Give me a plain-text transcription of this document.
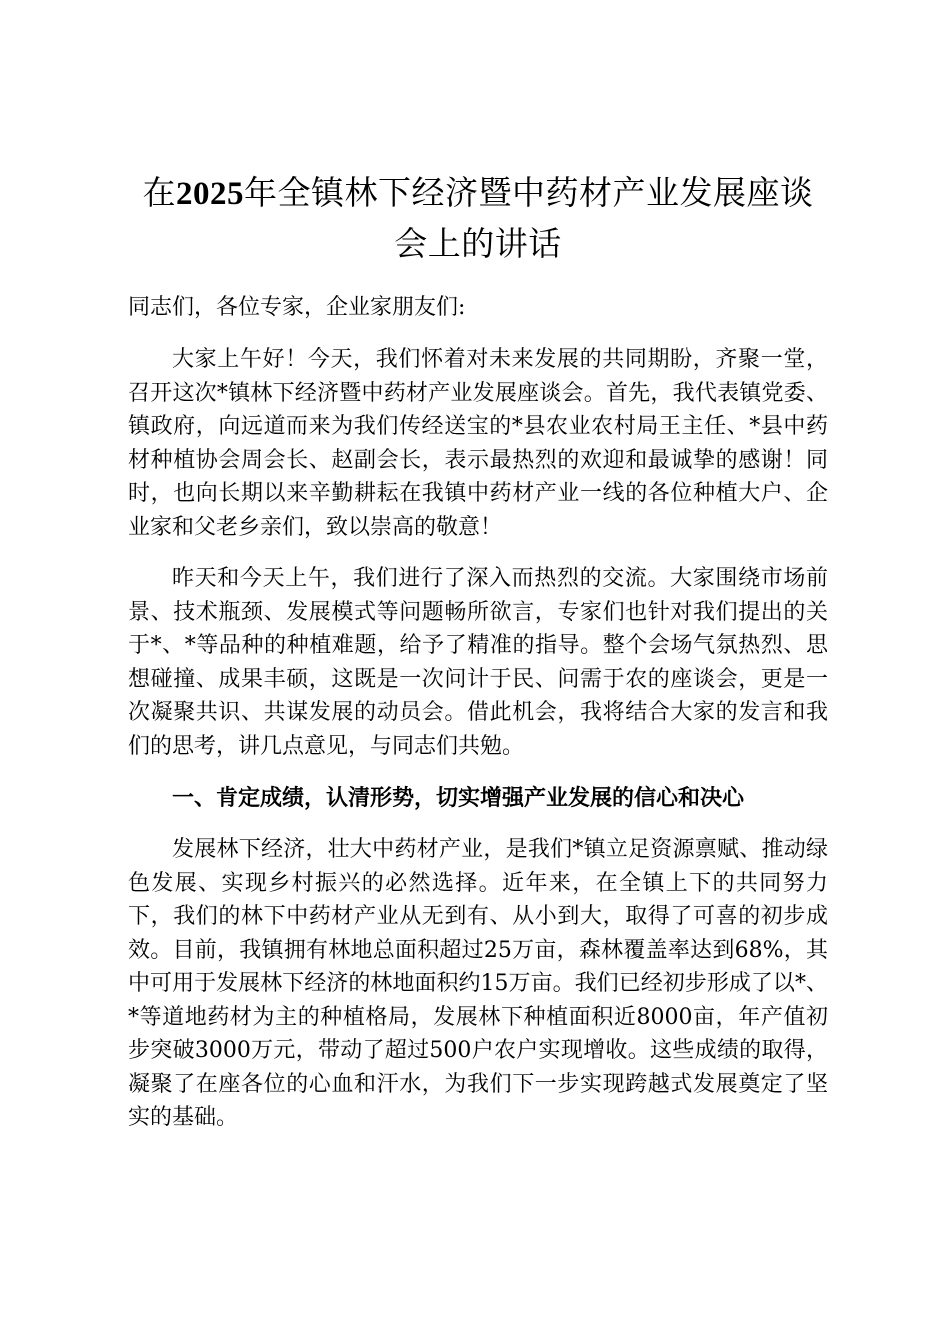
在2025年全镇林下经济暨中药材产业发展座谈会上的讲话

同志们，各位专家，企业家朋友们:

大家上午好！今天，我们怀着对未来发展的共同期盼，齐聚一堂，召开这次*镇林下经济暨中药材产业发展座谈会。首先，我代表镇党委、镇政府，向远道而来为我们传经送宝的*县农业农村局王主任、*县中药材种植协会周会长、赵副会长，表示最热烈的欢迎和最诚挚的感谢！同时，也向长期以来辛勤耕耘在我镇中药材产业一线的各位种植大户、企业家和父老乡亲们，致以崇高的敬意！

昨天和今天上午，我们进行了深入而热烈的交流。大家围绕市场前景、技术瓶颈、发展模式等问题畅所欲言，专家们也针对我们提出的关于*、*等品种的种植难题，给予了精准的指导。整个会场气氛热烈、思想碰撞、成果丰硕，这既是一次问计于民、问需于农的座谈会，更是一次凝聚共识、共谋发展的动员会。借此机会，我将结合大家的发言和我们的思考，讲几点意见，与同志们共勉。

一、肯定成绩，认清形势，切实增强产业发展的信心和决心

发展林下经济，壮大中药材产业，是我们*镇立足资源禀赋、推动绿色发展、实现乡村振兴的必然选择。近年来，在全镇上下的共同努力下，我们的林下中药材产业从无到有、从小到大，取得了可喜的初步成效。目前，我镇拥有林地总面积超过25万亩，森林覆盖率达到68%，其中可用于发展林下经济的林地面积约15万亩。我们已经初步形成了以*、*等道地药材为主的种植格局，发展林下种植面积近8000亩，年产值初步突破3000万元，带动了超过500户农户实现增收。这些成绩的取得，凝聚了在座各位的心血和汗水，为我们下一步实现跨越式发展奠定了坚实的基础。
